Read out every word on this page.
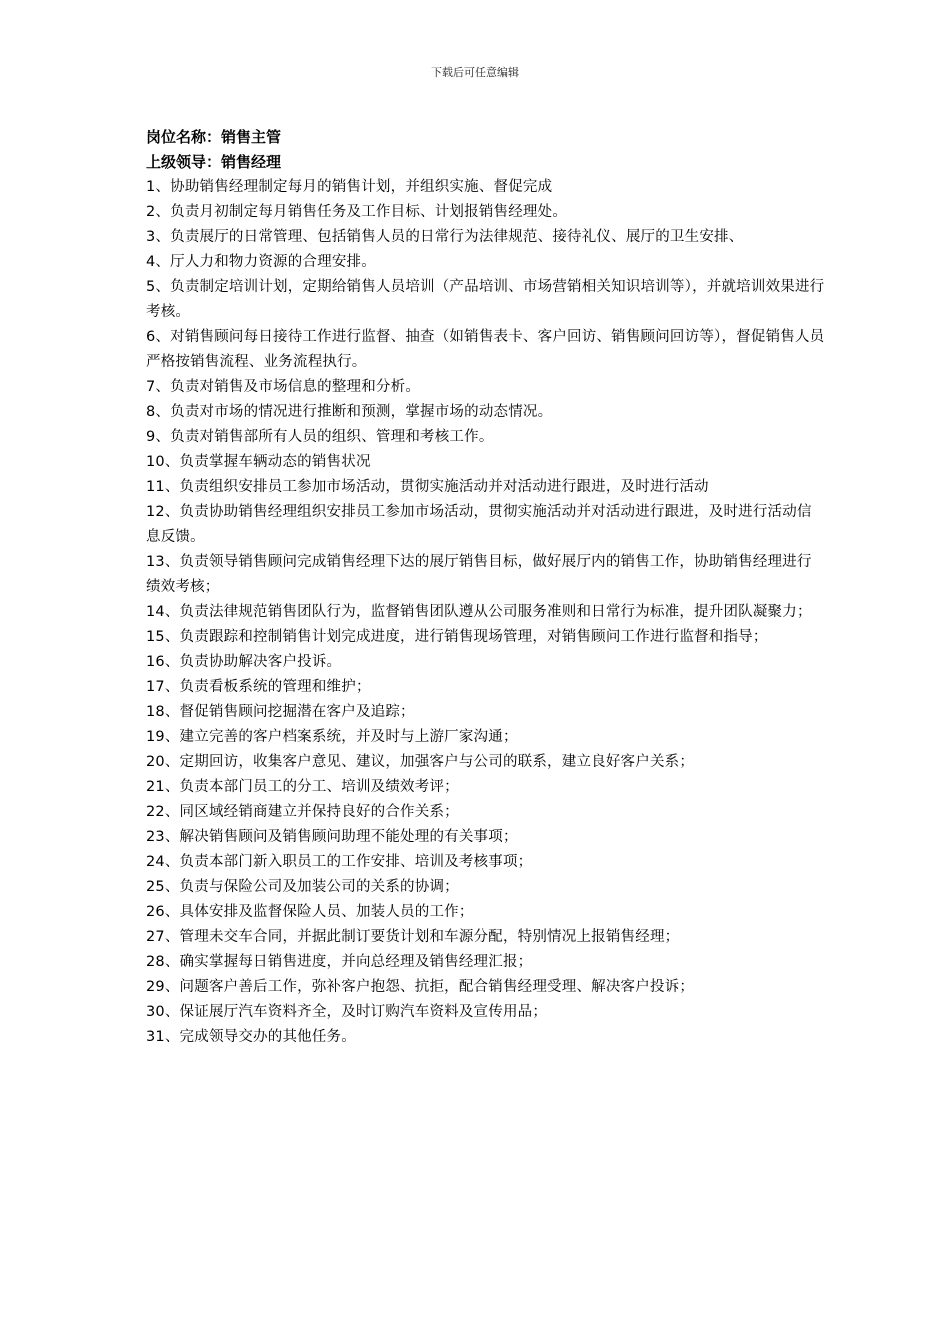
下载后可任意编辑
岗位名称：销售主管
上级领导：销售经理
1、协助销售经理制定每月的销售计划，并组织实施、督促完成
2、负责月初制定每月销售任务及工作目标、计划报销售经理处。
3、负责展厅的日常管理、包括销售人员的日常行为法律规范、接待礼仪、展厅的卫生安排、
4、厅人力和物力资源的合理安排。
5、负责制定培训计划，定期给销售人员培训（产品培训、市场营销相关知识培训等），并就培训效果进行考核。
6、对销售顾问每日接待工作进行监督、抽查（如销售表卡、客户回访、销售顾问回访等），督促销售人员严格按销售流程、业务流程执行。
7、负责对销售及市场信息的整理和分析。
8、负责对市场的情况进行推断和预测，掌握市场的动态情况。
9、负责对销售部所有人员的组织、管理和考核工作。
10、负责掌握车辆动态的销售状况
11、负责组织安排员工参加市场活动，贯彻实施活动并对活动进行跟进，及时进行活动
12、负责协助销售经理组织安排员工参加市场活动，贯彻实施活动并对活动进行跟进，及时进行活动信息反馈。
13、负责领导销售顾问完成销售经理下达的展厅销售目标，做好展厅内的销售工作，协助销售经理进行绩效考核；
14、负责法律规范销售团队行为，监督销售团队遵从公司服务准则和日常行为标准，提升团队凝聚力；
15、负责跟踪和控制销售计划完成进度，进行销售现场管理，对销售顾问工作进行监督和指导；
16、负责协助解决客户投诉。
17、负责看板系统的管理和维护；
18、督促销售顾问挖掘潜在客户及追踪；
19、建立完善的客户档案系统，并及时与上游厂家沟通；
20、定期回访，收集客户意见、建议，加强客户与公司的联系，建立良好客户关系；
21、负责本部门员工的分工、培训及绩效考评；
22、同区域经销商建立并保持良好的合作关系；
23、解决销售顾问及销售顾问助理不能处理的有关事项；
24、负责本部门新入职员工的工作安排、培训及考核事项；
25、负责与保险公司及加装公司的关系的协调；
26、具体安排及监督保险人员、加装人员的工作；
27、管理未交车合同，并据此制订要货计划和车源分配，特别情况上报销售经理；
28、确实掌握每日销售进度，并向总经理及销售经理汇报；
29、问题客户善后工作，弥补客户抱怨、抗拒，配合销售经理受理、解决客户投诉；
30、保证展厅汽车资料齐全，及时订购汽车资料及宣传用品；
31、完成领导交办的其他任务。
